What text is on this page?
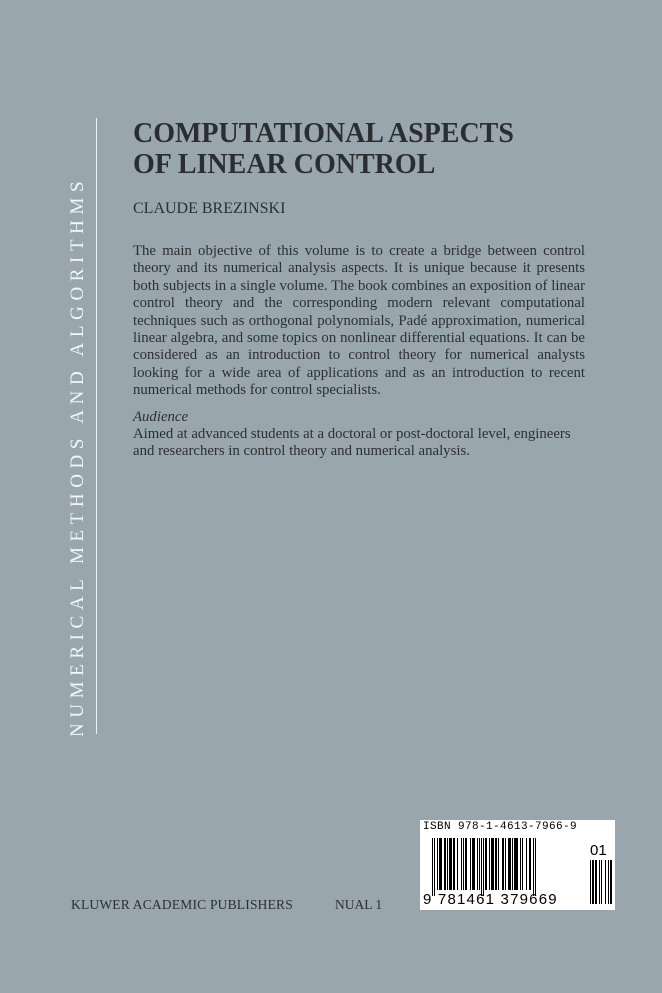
NUMERICAL METHODS AND ALGORITHMS
COMPUTATIONAL ASPECTS
OF LINEAR CONTROL
CLAUDE BREZINSKI

The main objective of this volume is to create a bridge between control theory and its numerical analysis aspects. It is unique because it presents both subjects in a single volume. The book combines an exposition of linear control theory and the corresponding modern relevant computational techniques such as orthogonal polynomials, Padé approximation, numerical linear algebra, and some topics on nonlinear differential equations. It can be considered as an introduction to control theory for numerical analysts looking for a wide area of applications and as an introduction to recent numerical methods for control specialists.

Audience
Aimed at advanced students at a doctoral or post-doctoral level, engineers and researchers in control theory and numerical analysis.
KLUWER ACADEMIC PUBLISHERS	NUAL 1
ISBN 978-1-4613-7966-9
9 781461 379669
01
